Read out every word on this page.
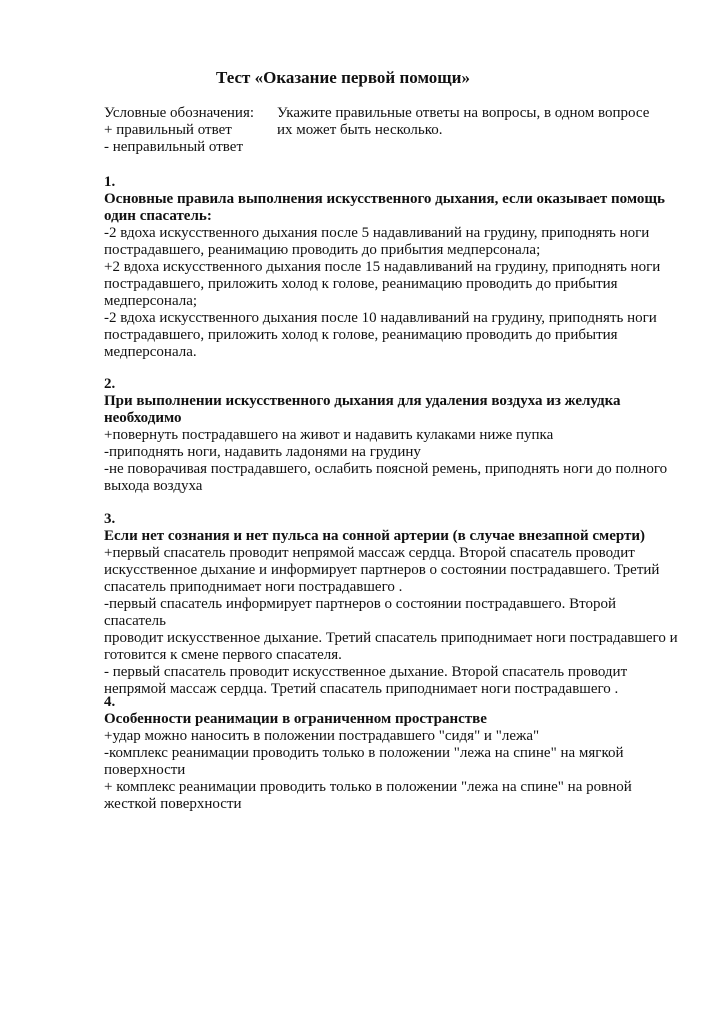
Тест «Оказание первой помощи»
Условные обозначения:
+ правильный ответ
- неправильный ответ
Укажите правильные ответы на вопросы, в одном вопросе
их может быть несколько.
1.
Основные правила выполнения искусственного дыхания, если оказывает помощь
один спасатель:
-2 вдоха искусственного дыхания после 5 надавливаний на грудину, приподнять ноги
пострадавшего, реанимацию проводить до прибытия медперсонала;
+2 вдоха искусственного дыхания после 15 надавливаний на грудину, приподнять ноги
пострадавшего, приложить холод к голове, реанимацию проводить до прибытия
медперсонала;
-2 вдоха искусственного дыхания после 10 надавливаний на грудину, приподнять ноги
пострадавшего, приложить холод к голове, реанимацию проводить до прибытия
медперсонала.
2.
При выполнении искусственного дыхания для удаления воздуха из желудка
необходимо
+повернуть пострадавшего на живот и надавить кулаками ниже пупка
-приподнять ноги, надавить ладонями на грудину
-не поворачивая пострадавшего, ослабить поясной ремень, приподнять ноги до полного
выхода воздуха
3.
Если нет сознания и нет пульса на сонной артерии (в случае внезапной смерти)
+первый спасатель проводит непрямой массаж сердца. Второй спасатель проводит
искусственное дыхание и информирует партнеров о состоянии пострадавшего. Третий
спасатель приподнимает ноги пострадавшего .
-первый спасатель информирует партнеров о состоянии пострадавшего. Второй спасатель
проводит искусственное дыхание. Третий спасатель приподнимает ноги пострадавшего и
готовится к смене первого спасателя.
- первый спасатель проводит искусственное дыхание. Второй спасатель проводит
непрямой массаж сердца. Третий спасатель приподнимает ноги пострадавшего .
4.
Особенности реанимации в ограниченном пространстве
+удар можно наносить в положении пострадавшего "сидя" и "лежа"
-комплекс реанимации проводить только в положении "лежа на спине" на мягкой
поверхности
+ комплекс реанимации проводить только в положении "лежа на спине" на ровной
жесткой поверхности
